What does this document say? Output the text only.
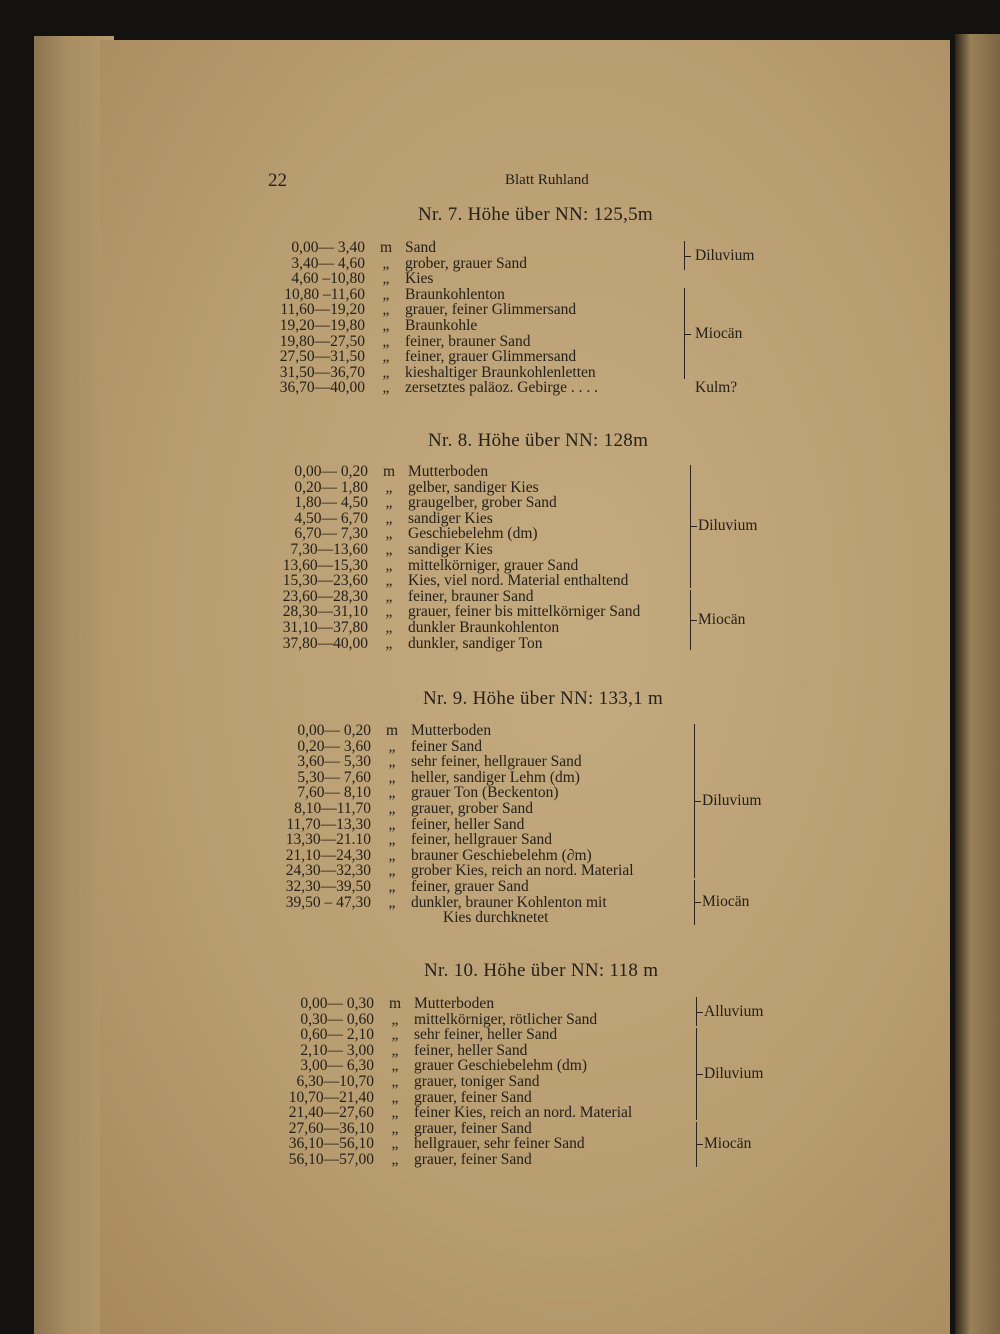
22	Blatt Ruhland
Nr. 7. Höhe über NN: 125,5m
0,00— 3,40 m Sand
3,40— 4,60 „ grober, grauer Sand
4,60 –10,80 „ Kies
10,80 –11,60 „ Braunkohlenton
11,60—19,20 „ grauer, feiner Glimmersand
19,20—19,80 „ Braunkohle
19,80—27,50 „ feiner, brauner Sand
27,50—31,50 „ feiner, grauer Glimmersand
31,50—36,70 „ kieshaltiger Braunkohlenletten
36,70—40,00 „ zersetztes paläoz. Gebirge . . . .
Diluvium
Miocän
Kulm?
Nr. 8. Höhe über NN: 128m
0,00— 0,20 m Mutterboden
0,20— 1,80 „ gelber, sandiger Kies
1,80— 4,50 „ graugelber, grober Sand
4,50— 6,70 „ sandiger Kies
6,70— 7,30 „ Geschiebelehm (dm)
7,30—13,60 „ sandiger Kies
13,60—15,30 „ mittelkörniger, grauer Sand
15,30—23,60 „ Kies, viel nord. Material enthaltend
23,60—28,30 „ feiner, brauner Sand
28,30—31,10 „ grauer, feiner bis mittelkörniger Sand
31,10—37,80 „ dunkler Braunkohlenton
37,80—40,00 „ dunkler, sandiger Ton
Diluvium
Miocän
Nr. 9. Höhe über NN: 133,1 m
0,00— 0,20 m Mutterboden
0,20— 3,60 „ feiner Sand
3,60— 5,30 „ sehr feiner, hellgrauer Sand
5,30— 7,60 „ heller, sandiger Lehm (dm)
7,60— 8,10 „ grauer Ton (Beckenton)
8,10—11,70 „ grauer, grober Sand
11,70—13,30 „ feiner, heller Sand
13,30—21.10 „ feiner, hellgrauer Sand
21,10—24,30 „ brauner Geschiebelehm (∂m)
24,30—32,30 „ grober Kies, reich an nord. Material
32,30—39,50 „ feiner, grauer Sand
39,50 – 47,30 „ dunkler, brauner Kohlenton mit
Kies durchknetet
Diluvium
Miocän
Nr. 10. Höhe über NN: 118 m
0,00— 0,30 m Mutterboden
0,30— 0,60 „ mittelkörniger, rötlicher Sand
0,60— 2,10 „ sehr feiner, heller Sand
2,10— 3,00 „ feiner, heller Sand
3,00— 6,30 „ grauer Geschiebelehm (dm)
6,30—10,70 „ grauer, toniger Sand
10,70—21,40 „ grauer, feiner Sand
21,40—27,60 „ feiner Kies, reich an nord. Material
27,60—36,10 „ grauer, feiner Sand
36,10—56,10 „ hellgrauer, sehr feiner Sand
56,10—57,00 „ grauer, feiner Sand
Alluvium
Diluvium
Miocän
